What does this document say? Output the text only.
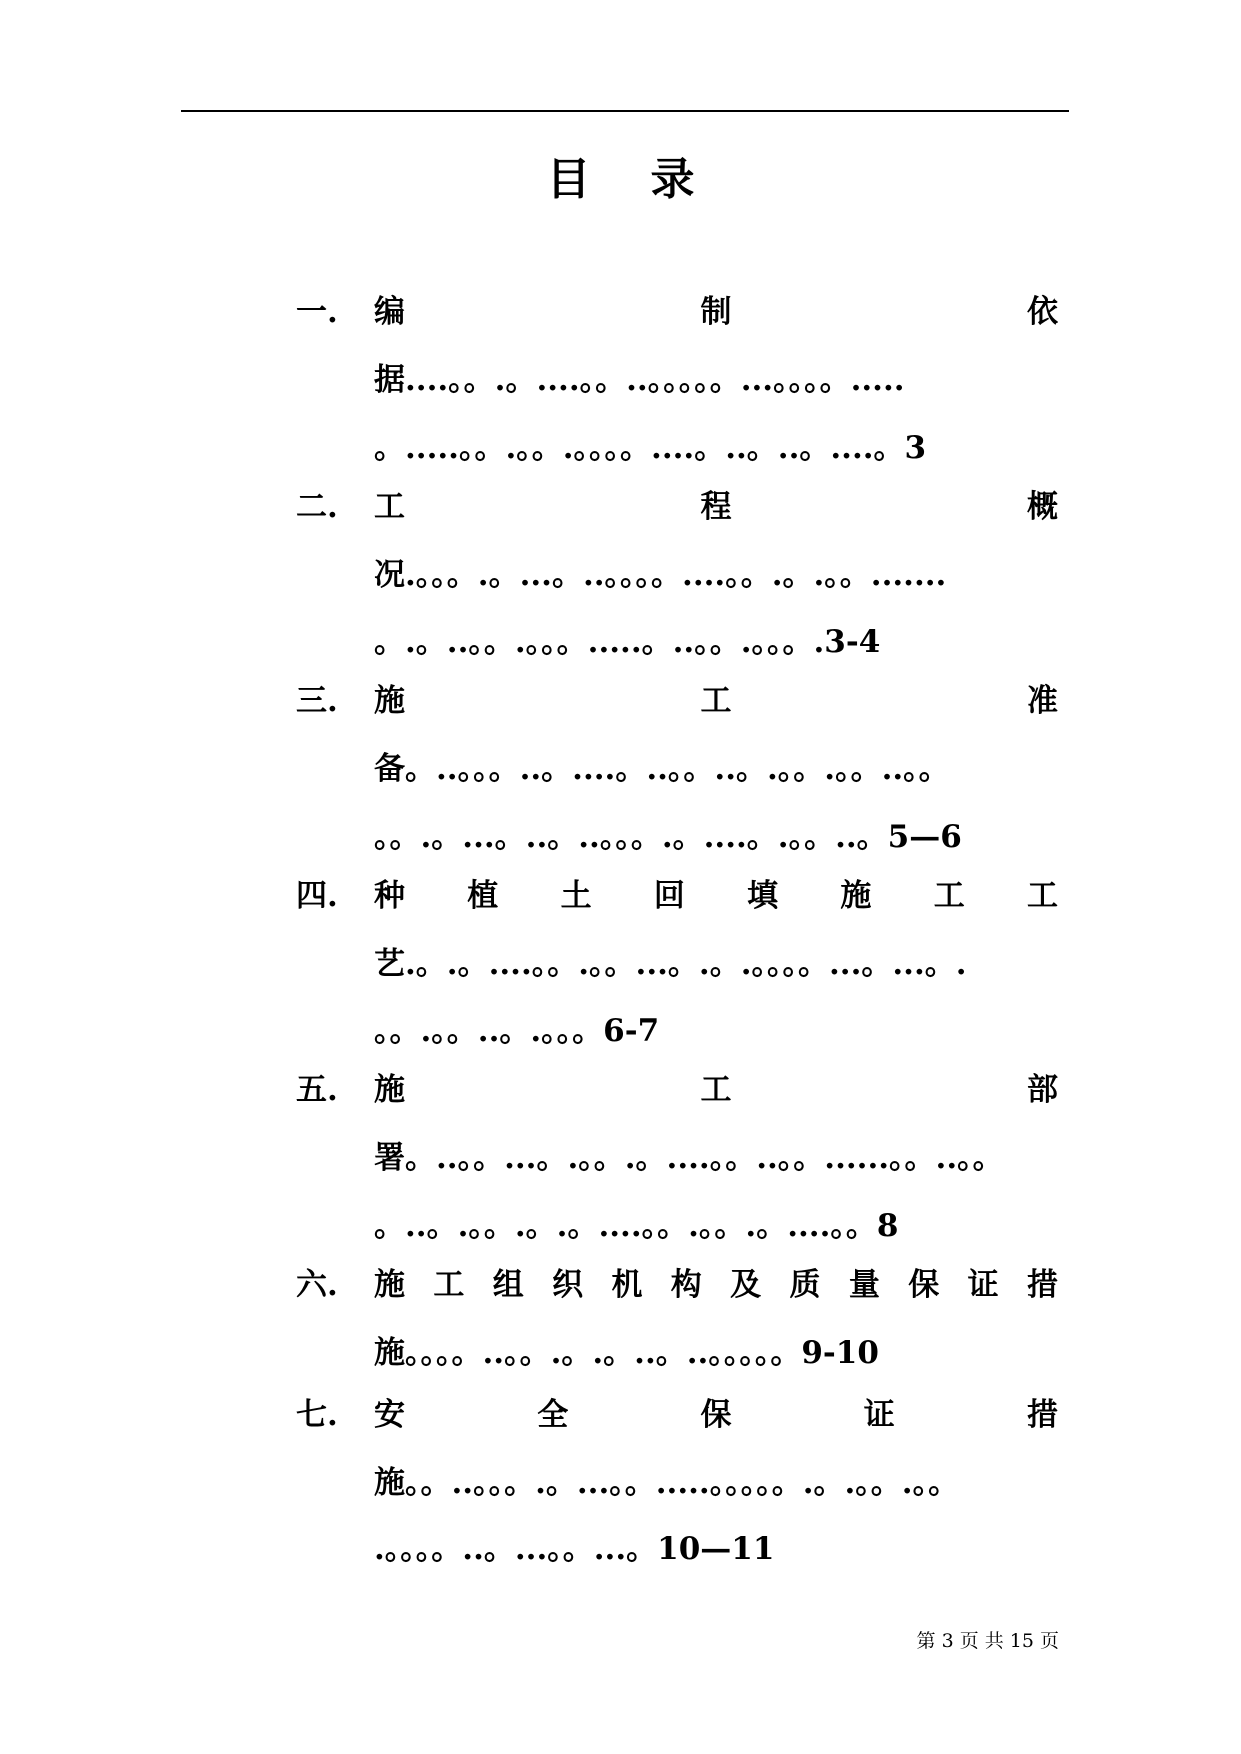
目 录
一. 编	制	依
据....。。.。....。。..。。。。。...。。。。.....
。.....。。.。。.。。。。....。..。..。....。3
二. 工	程	概
况.。。。.。...。..。。。。....。。.。.。。.......
。.。..。。.。。。.....。..。。.。。。.3-4
三. 施	工	准
备。..。。。..。....。..。。..。.。。.。。..。。
。。.。...。..。..。。。.。....。.。。..。5—6
四. 种 植 土 回 填 施 工 工
艺.。.。....。。.。。...。.。.。。。。...。...。.
。。.。。..。.。。。6-7
五. 施	工	部
署。..。。...。.。。.。....。。..。。......。。..。。
。..。.。。.。.。....。。.。。.。....。。8
六. 施 工 组 织 机 构 及 质 量 保 证 措
施。。。。..。。.。.。..。..。。。。。9-10
七. 安	全	保	证	措
施。。..。。。.。...。。.....。。。。。.。.。。.。。
.。。。。..。...。。...。10—11
第 3 页 共 15 页
